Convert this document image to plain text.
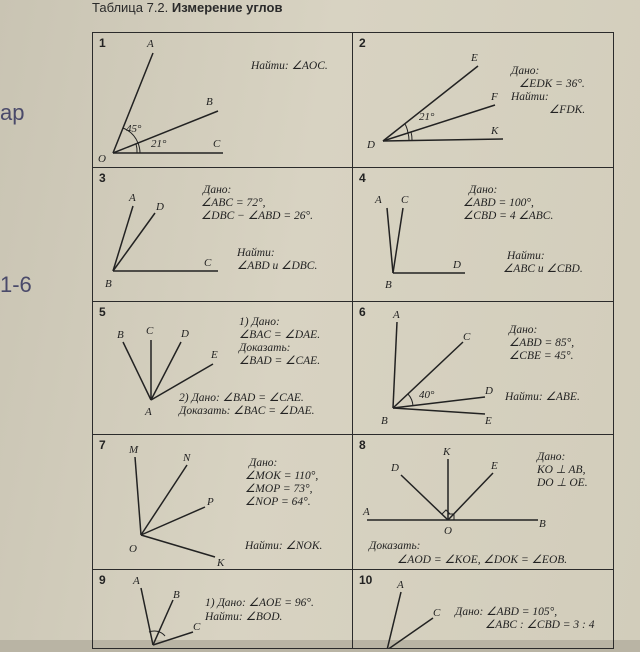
Таблица 7.2. Измерение углов
ар
1-6
1	A
B
C
O
45°
21°
Найти: ∠AOC.
2
E
F
K
D
21°
Дано:
∠EDK = 36°.
Найти:
∠FDK.
3
A
D
C
B
Дано:
∠ABC = 72°,
∠DBC − ∠ABD = 26°.
Найти:
∠ABD и ∠DBC.
4
A C
D
B
Дано:
∠ABD = 100°,
∠CBD = 4 ∠ABC.
Найти:
∠ABC и ∠CBD.
5
B C	D
E
A
1) Дано:
∠BAC = ∠DAE.
Доказать:
∠BAD = ∠CAE.
2) Дано: ∠BAD = ∠CAE.
Доказать: ∠BAC = ∠DAE.
6 A
C
D
E
B
40°
Дано:
∠ABD = 85°,
∠CBE = 45°.
Найти: ∠ABE.
7 M
N
P
K
O
Дано:
∠MOK = 110°,
∠MOP = 73°,
∠NOP = 64°.
Найти: ∠NOK.
8	K
D	E
A
B
O
Дано:
KO ⊥ AB,
DO ⊥ OE.
Доказать:
∠AOD = ∠KOE, ∠DOK = ∠EOB.
9 A
B
C
1) Дано: ∠AOE = 96°.
Найти: ∠BOD.
10 A
C Дано: ∠ABD = 105°,
∠ABC : ∠CBD = 3 : 4
